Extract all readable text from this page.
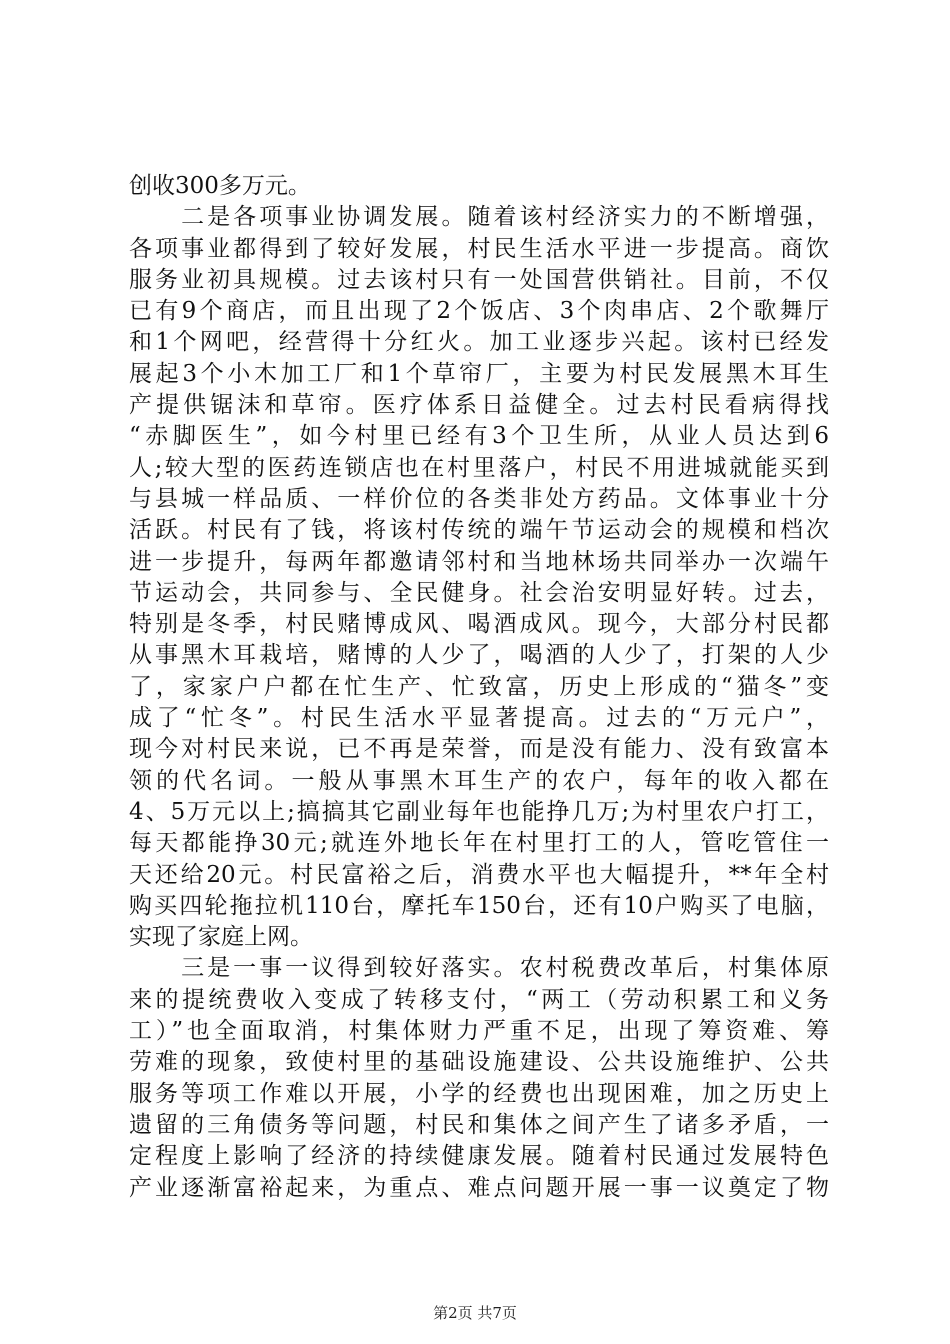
创收300多万元。
　　二是各项事业协调发展。随着该村经济实力的不断增强，
各项事业都得到了较好发展，村民生活水平进一步提高。商饮
服务业初具规模。过去该村只有一处国营供销社。目前，不仅
已有9个商店，而且出现了2个饭店、3个肉串店、2个歌舞厅
和1个网吧，经营得十分红火。加工业逐步兴起。该村已经发
展起3个小木加工厂和1个草帘厂，主要为村民发展黑木耳生
产提供锯沫和草帘。医疗体系日益健全。过去村民看病得找
“赤脚医生”，如今村里已经有3个卫生所，从业人员达到6
人;较大型的医药连锁店也在村里落户，村民不用进城就能买到
与县城一样品质、一样价位的各类非处方药品。文体事业十分
活跃。村民有了钱，将该村传统的端午节运动会的规模和档次
进一步提升，每两年都邀请邻村和当地林场共同举办一次端午
节运动会，共同参与、全民健身。社会治安明显好转。过去，
特别是冬季，村民赌博成风、喝酒成风。现今，大部分村民都
从事黑木耳栽培，赌博的人少了，喝酒的人少了，打架的人少
了，家家户户都在忙生产、忙致富，历史上形成的“猫冬”变
成了“忙冬”。村民生活水平显著提高。过去的“万元户”，
现今对村民来说，已不再是荣誉，而是没有能力、没有致富本
领的代名词。一般从事黑木耳生产的农户，每年的收入都在
4、5万元以上;搞搞其它副业每年也能挣几万;为村里农户打工，
每天都能挣30元;就连外地长年在村里打工的人，管吃管住一
天还给20元。村民富裕之后，消费水平也大幅提升，**年全村
购买四轮拖拉机110台，摩托车150台，还有10户购买了电脑，
实现了家庭上网。
　　三是一事一议得到较好落实。农村税费改革后，村集体原
来的提统费收入变成了转移支付，“两工（劳动积累工和义务
工）”也全面取消，村集体财力严重不足，出现了筹资难、筹
劳难的现象，致使村里的基础设施建设、公共设施维护、公共
服务等项工作难以开展，小学的经费也出现困难，加之历史上
遗留的三角债务等问题，村民和集体之间产生了诸多矛盾，一
定程度上影响了经济的持续健康发展。随着村民通过发展特色
产业逐渐富裕起来，为重点、难点问题开展一事一议奠定了物
第2页 共7页
